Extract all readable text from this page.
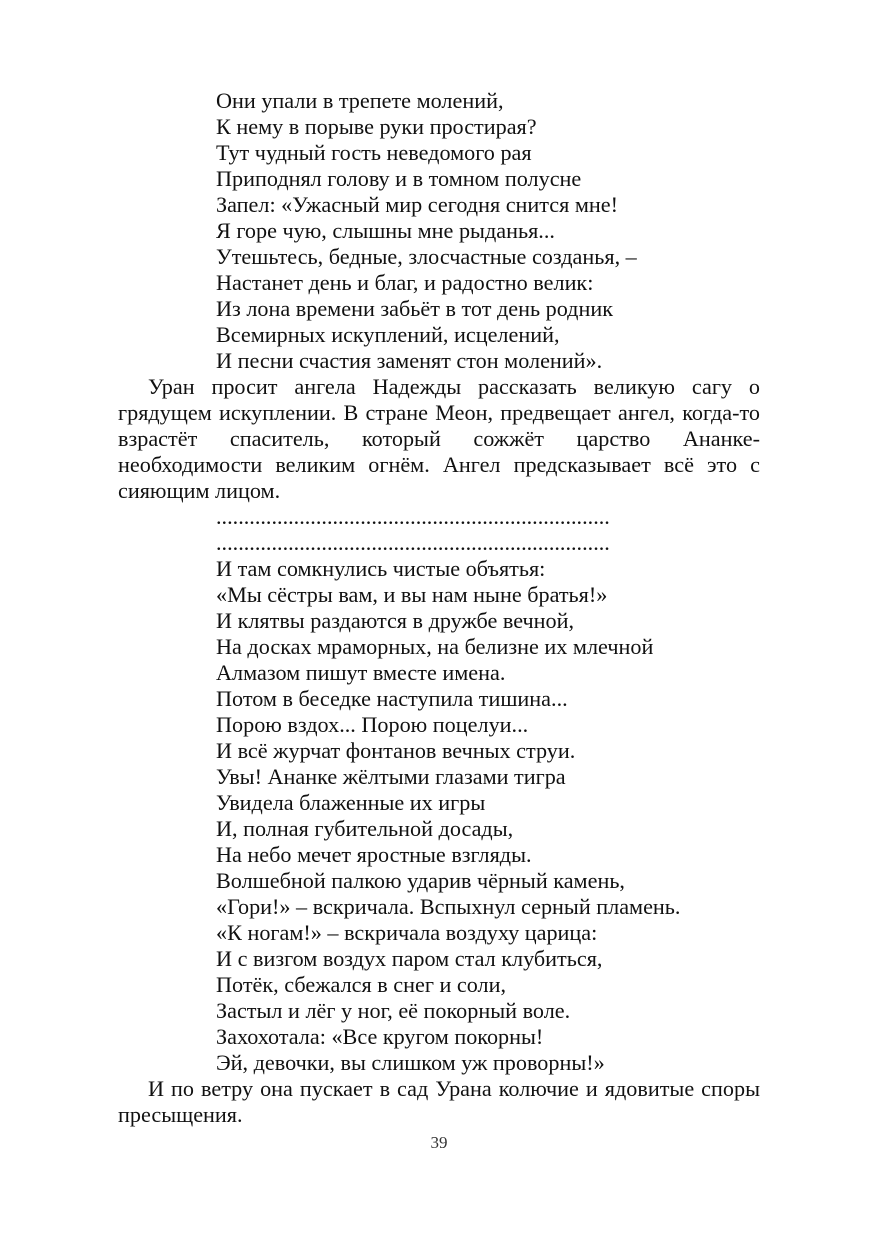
Они упали в трепете молений,
К нему в порыве руки простирая?
Тут чудный гость неведомого рая
Приподнял голову и в томном полусне
Запел: «Ужасный мир сегодня снится мне!
Я горе чую, слышны мне рыданья...
Утешьтесь, бедные, злосчастные созданья, –
Настанет день и благ, и радостно велик:
Из лона времени забьёт в тот день родник
Всемирных искуплений, исцелений,
И песни счастия заменят стон молений».

Уран просит ангела Надежды рассказать великую сагу о грядущем искуплении. В стране Меон, предвещает ангел, когда-то взрастёт спаситель, который сожжёт царство Ананке-необходимости великим огнём. Ангел предсказывает всё это с сияющим лицом.

.......................................................................
.......................................................................
И там сомкнулись чистые объятья:
«Мы сёстры вам, и вы нам ныне братья!»
И клятвы раздаются в дружбе вечной,
На досках мраморных, на белизне их млечной
Алмазом пишут вместе имена.
Потом в беседке наступила тишина...
Порою вздох... Порою поцелуи...
И всё журчат фонтанов вечных струи.
Увы! Ананке жёлтыми глазами тигра
Увидела блаженные их игры
И, полная губительной досады,
На небо мечет яростные взгляды.
Волшебной палкою ударив чёрный камень,
«Гори!» – вскричала. Вспыхнул серный пламень.
«К ногам!» – вскричала воздуху царица:
И с визгом воздух паром стал клубиться,
Потёк, сбежался в снег и соли,
Застыл и лёг у ног, её покорный воле.
Захохотала: «Все кругом покорны!
Эй, девочки, вы слишком уж проворны!»

И по ветру она пускает в сад Урана колючие и ядовитые споры пресыщения.

39
